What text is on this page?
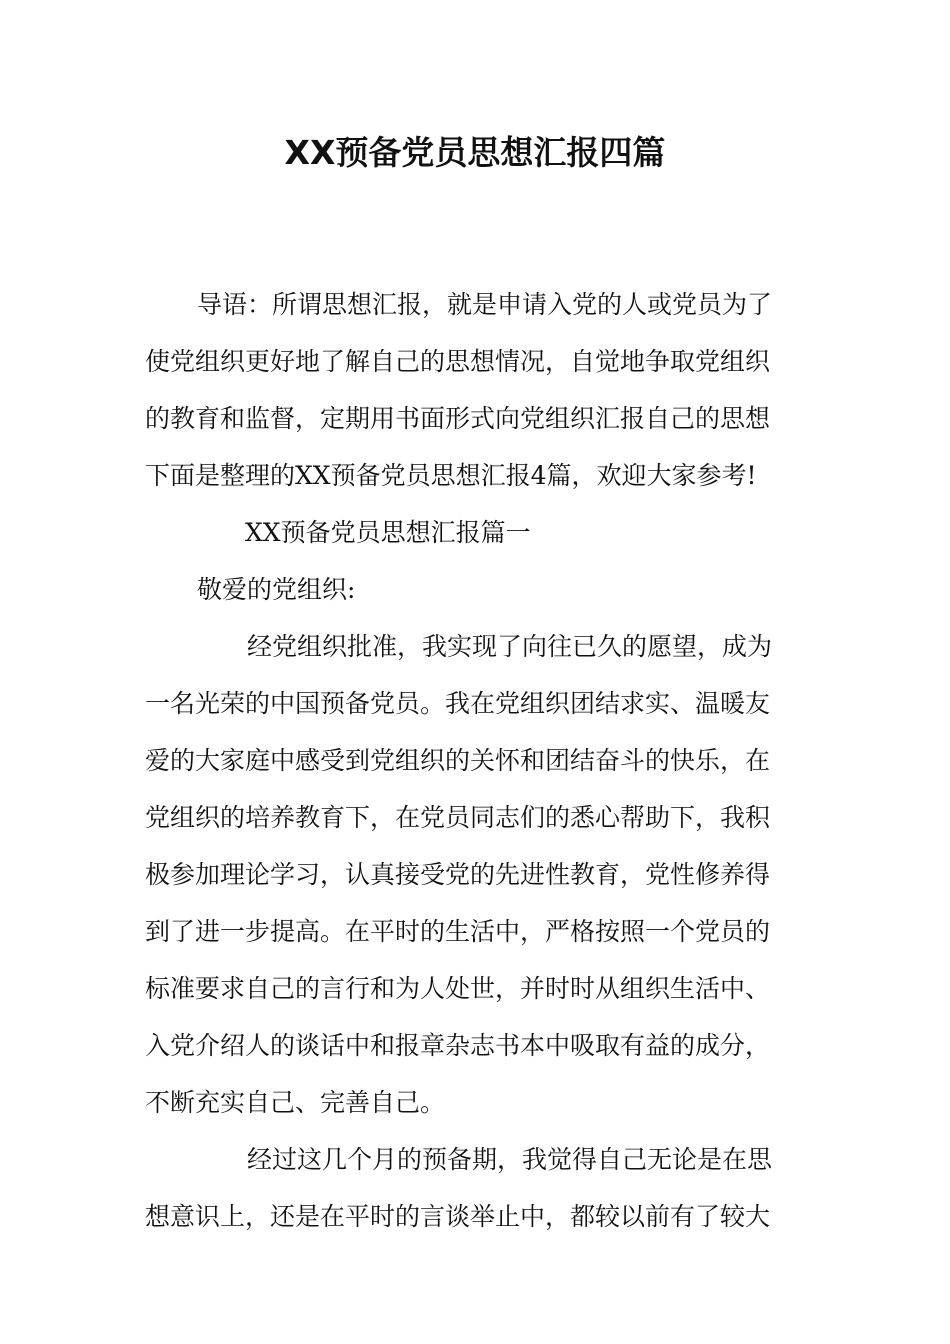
XX预备党员思想汇报四篇

导语：所谓思想汇报，就是申请入党的人或党员为了

使党组织更好地了解自己的思想情况，自觉地争取党组织

的教育和监督，定期用书面形式向党组织汇报自己的思想

下面是整理的XX预备党员思想汇报4篇，欢迎大家参考!

XX预备党员思想汇报篇一

敬爱的党组织:

经党组织批准，我实现了向往已久的愿望，成为

一名光荣的中国预备党员。我在党组织团结求实、温暖友

爱的大家庭中感受到党组织的关怀和团结奋斗的快乐，在

党组织的培养教育下，在党员同志们的悉心帮助下，我积

极参加理论学习，认真接受党的先进性教育，党性修养得

到了进一步提高。在平时的生活中，严格按照一个党员的

标准要求自己的言行和为人处世，并时时从组织生活中、

入党介绍人的谈话中和报章杂志书本中吸取有益的成分，

不断充实自己、完善自己。

经过这几个月的预备期，我觉得自己无论是在思

想意识上，还是在平时的言谈举止中，都较以前有了较大
